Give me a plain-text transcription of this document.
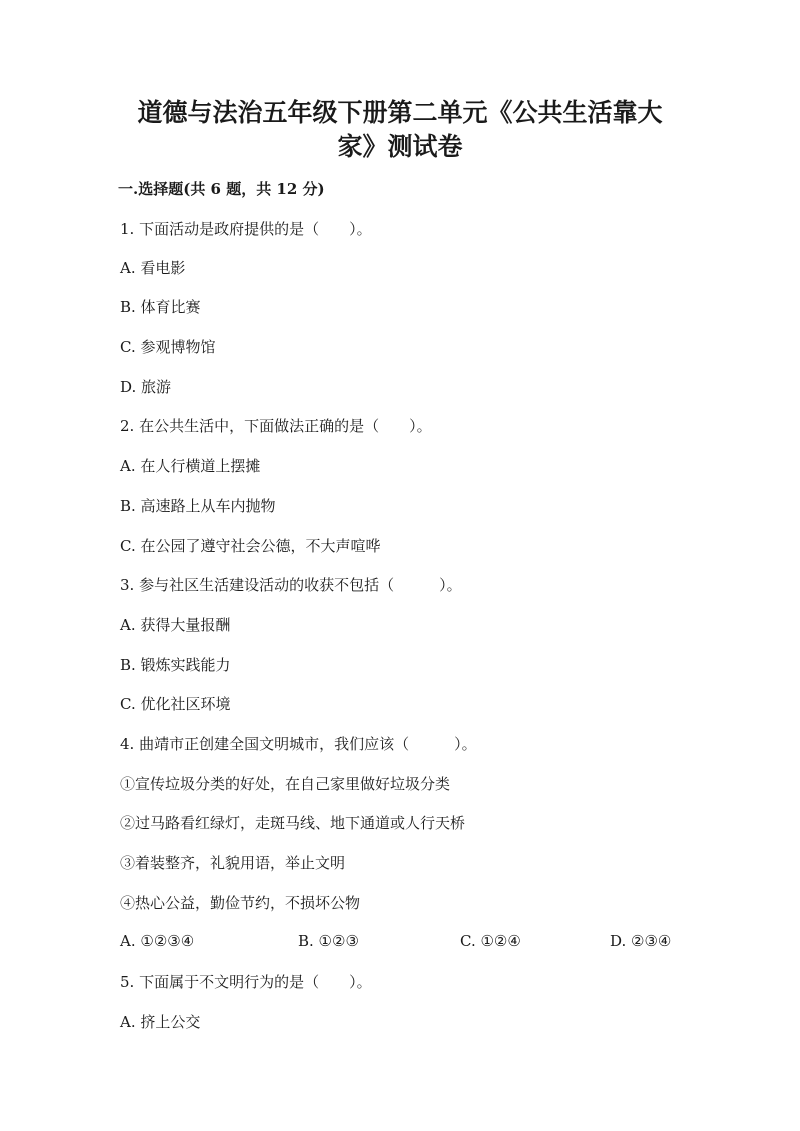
道德与法治五年级下册第二单元《公共生活靠大
家》测试卷

一.选择题(共 6 题，共 12 分)

1. 下面活动是政府提供的是（　　）。

A. 看电影

B. 体育比赛

C. 参观博物馆

D. 旅游

2. 在公共生活中，下面做法正确的是（　　）。

A. 在人行横道上摆摊

B. 高速路上从车内抛物

C. 在公园了遵守社会公德，不大声喧哗

3. 参与社区生活建设活动的收获不包括（　　　）。

A. 获得大量报酬

B. 锻炼实践能力

C. 优化社区环境

4. 曲靖市正创建全国文明城市，我们应该（　　　）。

①宣传垃圾分类的好处，在自己家里做好垃圾分类

②过马路看红绿灯，走斑马线、地下通道或人行天桥

③着装整齐，礼貌用语，举止文明

④热心公益，勤俭节约，不损坏公物

A. ①②③④	B. ①②③	C. ①②④	D. ②③④

5. 下面属于不文明行为的是（　　）。

A. 挤上公交
